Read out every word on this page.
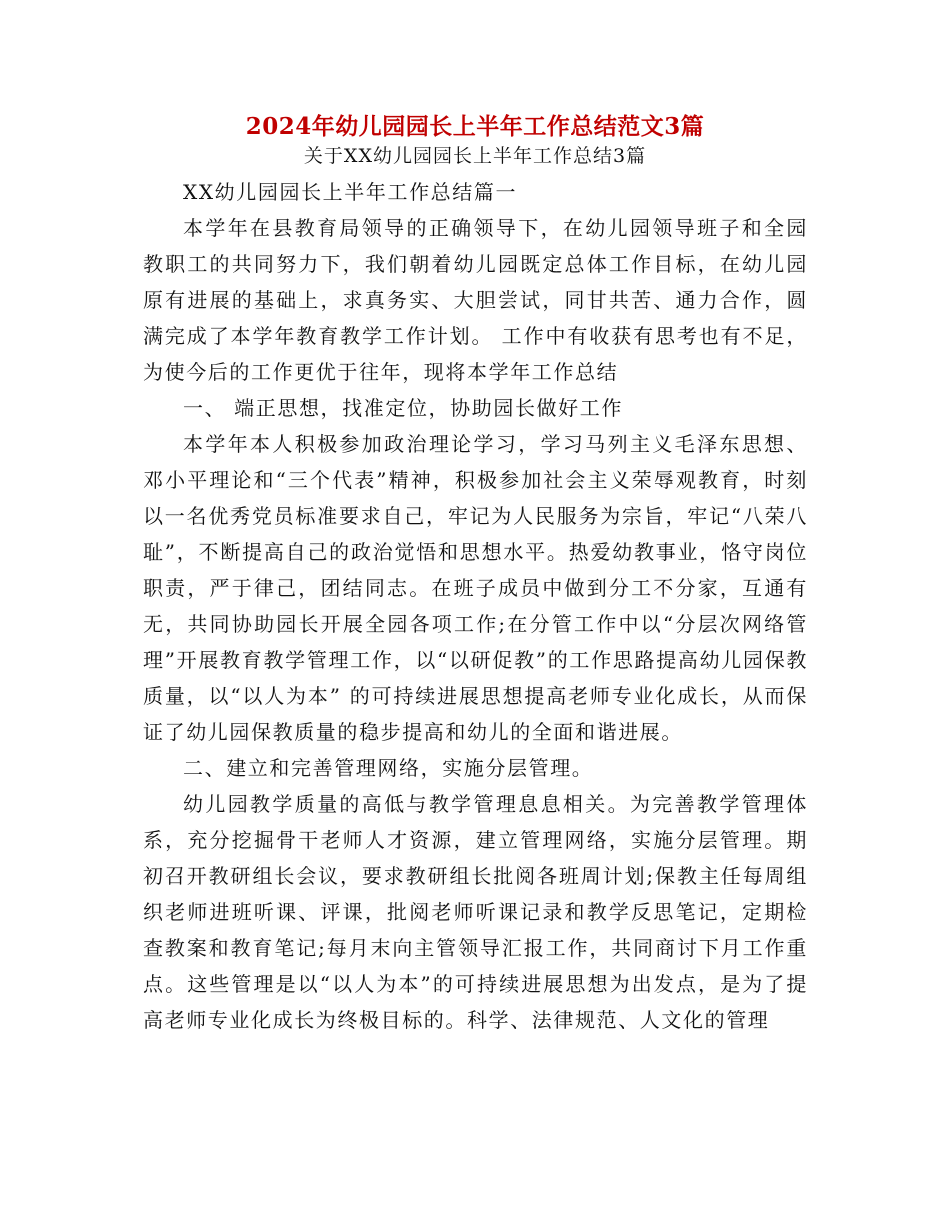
2024年幼儿园园长上半年工作总结范文3篇
关于XX幼儿园园长上半年工作总结3篇

XX幼儿园园长上半年工作总结篇一

本学年在县教育局领导的正确领导下，在幼儿园领导班子和全园教职工的共同努力下，我们朝着幼儿园既定总体工作目标，在幼儿园原有进展的基础上，求真务实、大胆尝试，同甘共苦、通力合作，圆满完成了本学年教育教学工作计划。 工作中有收获有思考也有不足，为使今后的工作更优于往年，现将本学年工作总结

一、 端正思想，找准定位，协助园长做好工作

本学年本人积极参加政治理论学习，学习马列主义毛泽东思想、邓小平理论和“三个代表”精神，积极参加社会主义荣辱观教育，时刻以一名优秀党员标准要求自己，牢记为人民服务为宗旨，牢记“八荣八耻”，不断提高自己的政治觉悟和思想水平。热爱幼教事业，恪守岗位职责，严于律己，团结同志。在班子成员中做到分工不分家，互通有无，共同协助园长开展全园各项工作;在分管工作中以“分层次网络管理”开展教育教学管理工作，以“以研促教”的工作思路提高幼儿园保教质量，以“以人为本” 的可持续进展思想提高老师专业化成长，从而保证了幼儿园保教质量的稳步提高和幼儿的全面和谐进展。

二、建立和完善管理网络，实施分层管理。

幼儿园教学质量的高低与教学管理息息相关。为完善教学管理体系，充分挖掘骨干老师人才资源，建立管理网络，实施分层管理。期初召开教研组长会议，要求教研组长批阅各班周计划;保教主任每周组织老师进班听课、评课，批阅老师听课记录和教学反思笔记，定期检查教案和教育笔记;每月末向主管领导汇报工作，共同商讨下月工作重点。这些管理是以“以人为本”的可持续进展思想为出发点，是为了提高老师专业化成长为终极目标的。科学、法律规范、人文化的管理
